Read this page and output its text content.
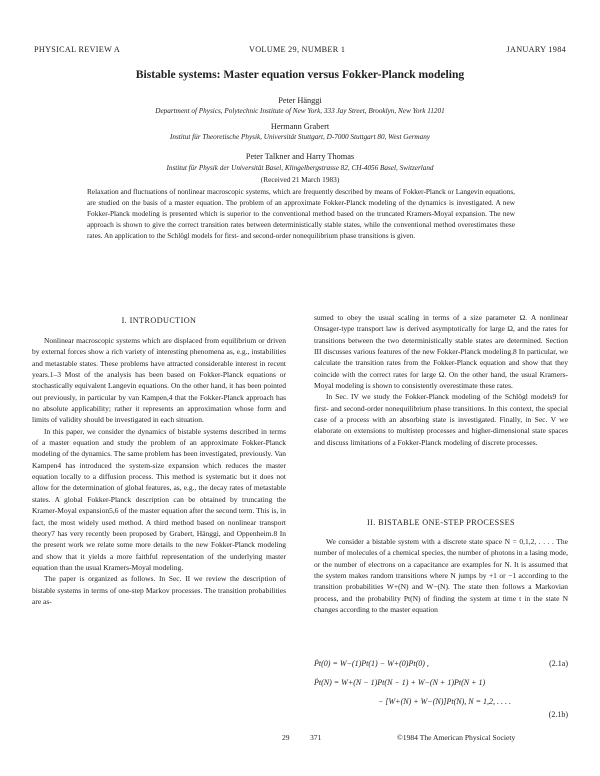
PHYSICAL REVIEW A	VOLUME 29, NUMBER 1	JANUARY 1984
Bistable systems: Master equation versus Fokker-Planck modeling
Peter Hänggi
Department of Physics, Polytechnic Institute of New York, 333 Jay Street, Brooklyn, New York 11201
Hermann Grabert
Institut für Theoretische Physik, Universität Stuttgart, D-7000 Stuttgart 80, West Germany
Peter Talkner and Harry Thomas
Institut für Physik der Universität Basel, Klingelbergstrasse 82, CH-4056 Basel, Switzerland
(Received 21 March 1983)

Relaxation and fluctuations of nonlinear macroscopic systems, which are frequently described by means of Fokker-Planck or Langevin equations, are studied on the basis of a master equation. The problem of an approximate Fokker-Planck modeling of the dynamics is investigated. A new Fokker-Planck modeling is presented which is superior to the conventional method based on the truncated Kramers-Moyal expansion. The new approach is shown to give the correct transition rates between deterministically stable states, while the conventional method overestimates these rates. An application to the Schlögl models for first- and second-order nonequilibrium phase transitions is given.

I. INTRODUCTION

Nonlinear macroscopic systems which are displaced from equilibrium or driven by external forces show a rich variety of interesting phenomena as, e.g., instabilities and metastable states. These problems have attracted considerable interest in recent years.1–3 Most of the analysis has been based on Fokker-Planck equations or stochastically equivalent Langevin equations. On the other hand, it has been pointed out previously, in particular by van Kampen,4 that the Fokker-Planck approach has no absolute applicability; rather it represents an approximation whose form and limits of validity should be investigated in each situation.

In this paper, we consider the dynamics of bistable systems described in terms of a master equation and study the problem of an approximate Fokker-Planck modeling of the dynamics. The same problem has been investigated, previously. Van Kampen4 has introduced the system-size expansion which reduces the master equation locally to a diffusion process. This method is systematic but it does not allow for the determination of global features, as, e.g., the decay rates of metastable states. A global Fokker-Planck description can be obtained by truncating the Kramer-Moyal expansion5,6 of the master equation after the second term. This is, in fact, the most widely used method. A third method based on nonlinear transport theory7 has very recently been proposed by Grabert, Hänggi, and Oppenheim.8 In the present work we relate some more details to the new Fokker-Planck modeling and show that it yields a more faithful representation of the underlying master equation than the usual Kramers-Moyal modeling.

The paper is organized as follows. In Sec. II we review the description of bistable systems in terms of one-step Markov processes. The transition probabilities are as-

sumed to obey the usual scaling in terms of a size parameter Ω. A nonlinear Onsager-type transport law is derived asymptotically for large Ω, and the rates for transitions between the two deterministically stable states are determined. Section III discusses various features of the new Fokker-Planck modeling.8 In particular, we calculate the transition rates from the Fokker-Planck equation and show that they coincide with the correct rates for large Ω. On the other hand, the usual Kramers-Moyal modeling is shown to consistently overestimate these rates.

In Sec. IV we study the Fokker-Planck modeling of the Schlögl models9 for first- and second-order nonequilibrium phase transitions. In this context, the special case of a process with an absorbing state is investigated. Finally, in Sec. V we elaborate on extensions to multistep processes and higher-dimensional state spaces and discuss limitations of a Fokker-Planck modeling of discrete processes.

II. BISTABLE ONE-STEP PROCESSES

We consider a bistable system with a discrete state space N = 0,1,2, . . . . The number of molecules of a chemical species, the number of photons in a lasing mode, or the number of electrons on a capacitance are examples for N. It is assumed that the system makes random transitions where N jumps by +1 or −1 according to the transition probabilities W+(N) and W−(N). The state then follows a Markovian process, and the probability Pt(N) of finding the system at time t in the state N changes according to the master equation

Ṗt(0) = W−(1)Pt(1) − W+(0)Pt(0) ,	(2.1a)
Ṗt(N) = W+(N − 1)Pt(N − 1) + W−(N + 1)Pt(N + 1)
− [W+(N) + W−(N)]Pt(N), N = 1,2, . . . .
(2.1b)
29	371	©1984 The American Physical Society
